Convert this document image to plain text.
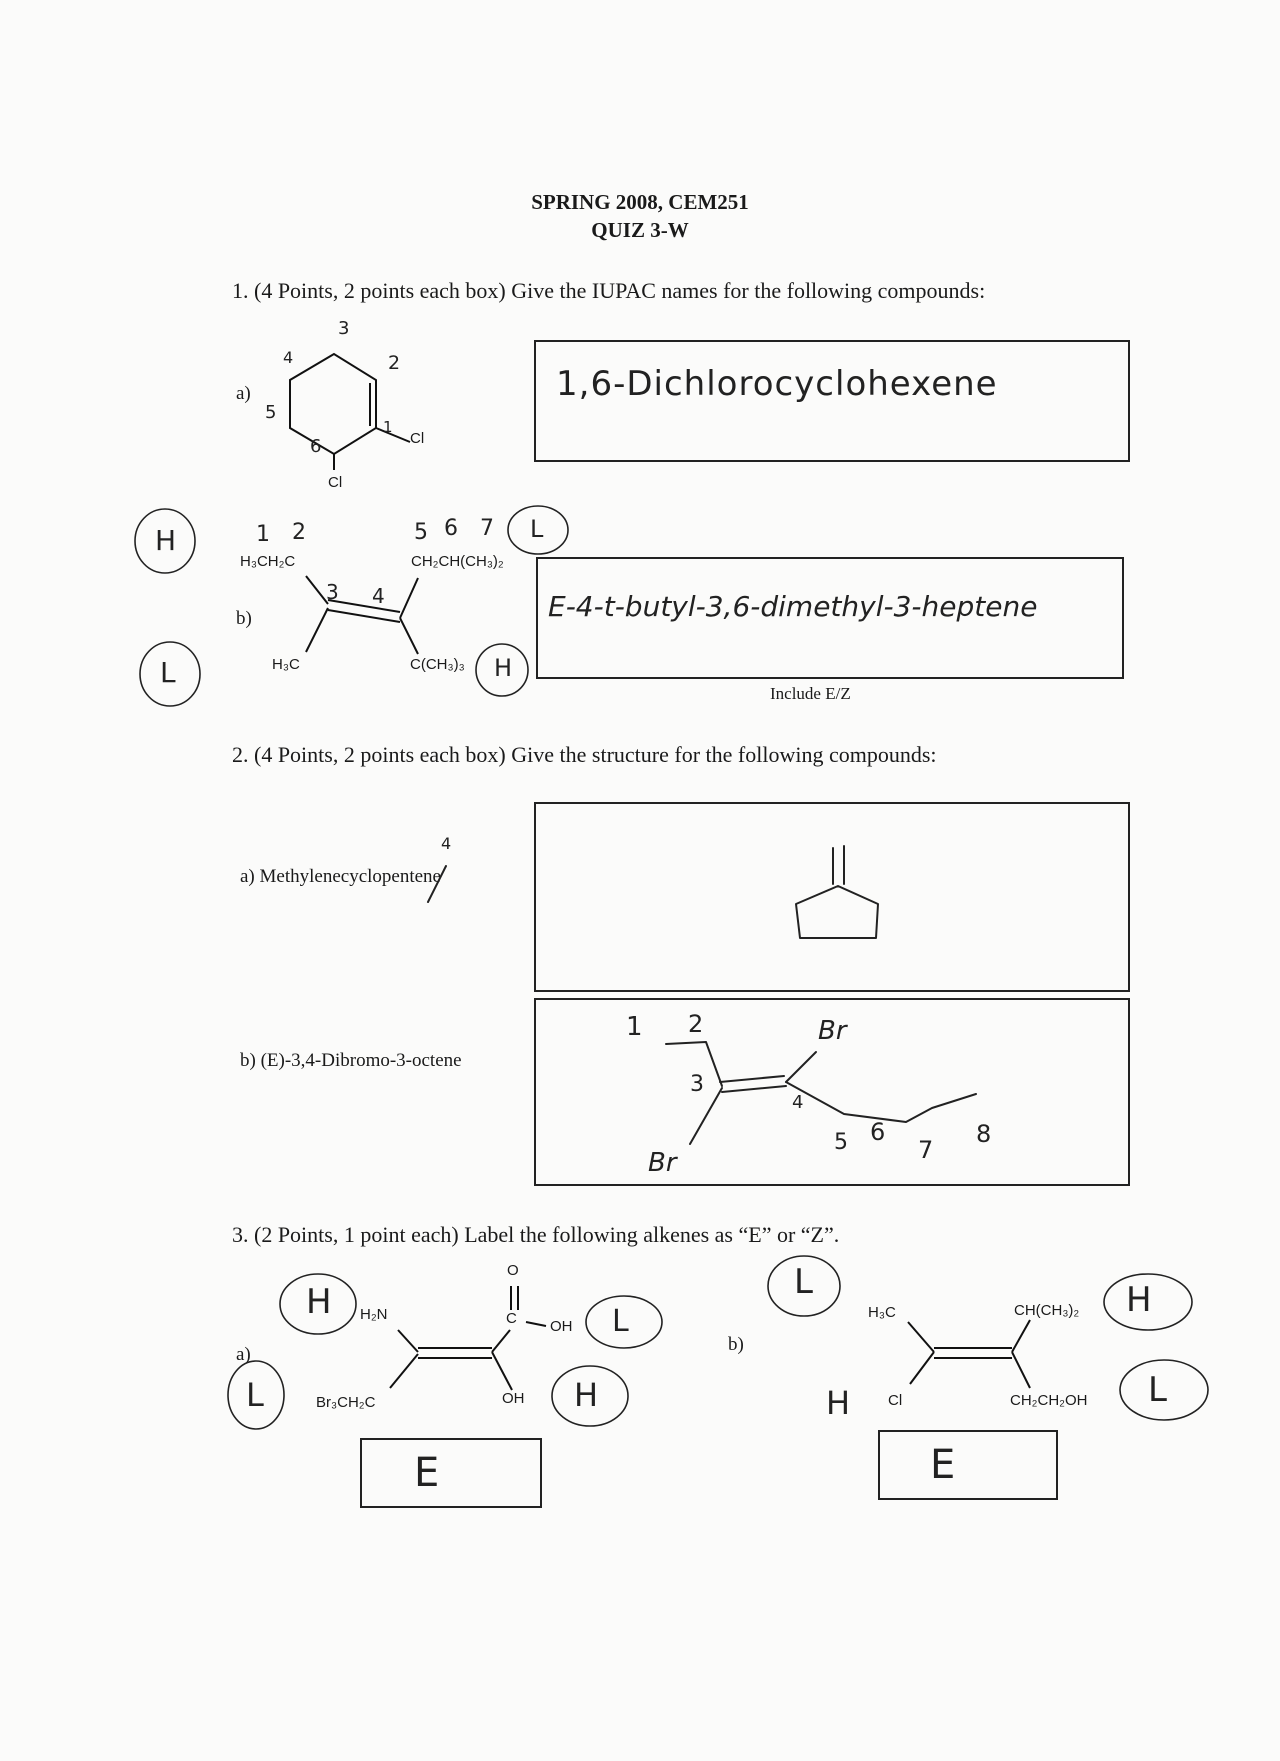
SPRING 2008, CEM251
QUIZ 3-W
1. (4 Points, 2 points each box) Give the IUPAC names for the following compounds:
a)
Cl
Cl
3
4	2
5
6
1
1,6-Dichlorocyclohexene
b)
H₃CH₂C	CH₂CH(CH₃)₂
H₃C	C(CH₃)₃
1 2
3 4
5 6 7
H
L
L
H
E-4-t-butyl-3,6-dimethyl-3-heptene
Include E/Z
2. (4 Points, 2 points each box) Give the structure for the following compounds:
a) Methylenecyclopentene
4
b) (E)-3,4-Dibromo-3-octene
1 2
3
4
5 6
7
8
Br
Br
3. (2 Points, 1 point each) Label the following alkenes as “E” or “Z”.
a)
H₂N
Br₃CH₂C
O
C OH
OH
H
L
L
H
E
b)
H₃C
Cl
CH(CH₃)₂
CH₂CH₂OH
L
H
H
L
E
